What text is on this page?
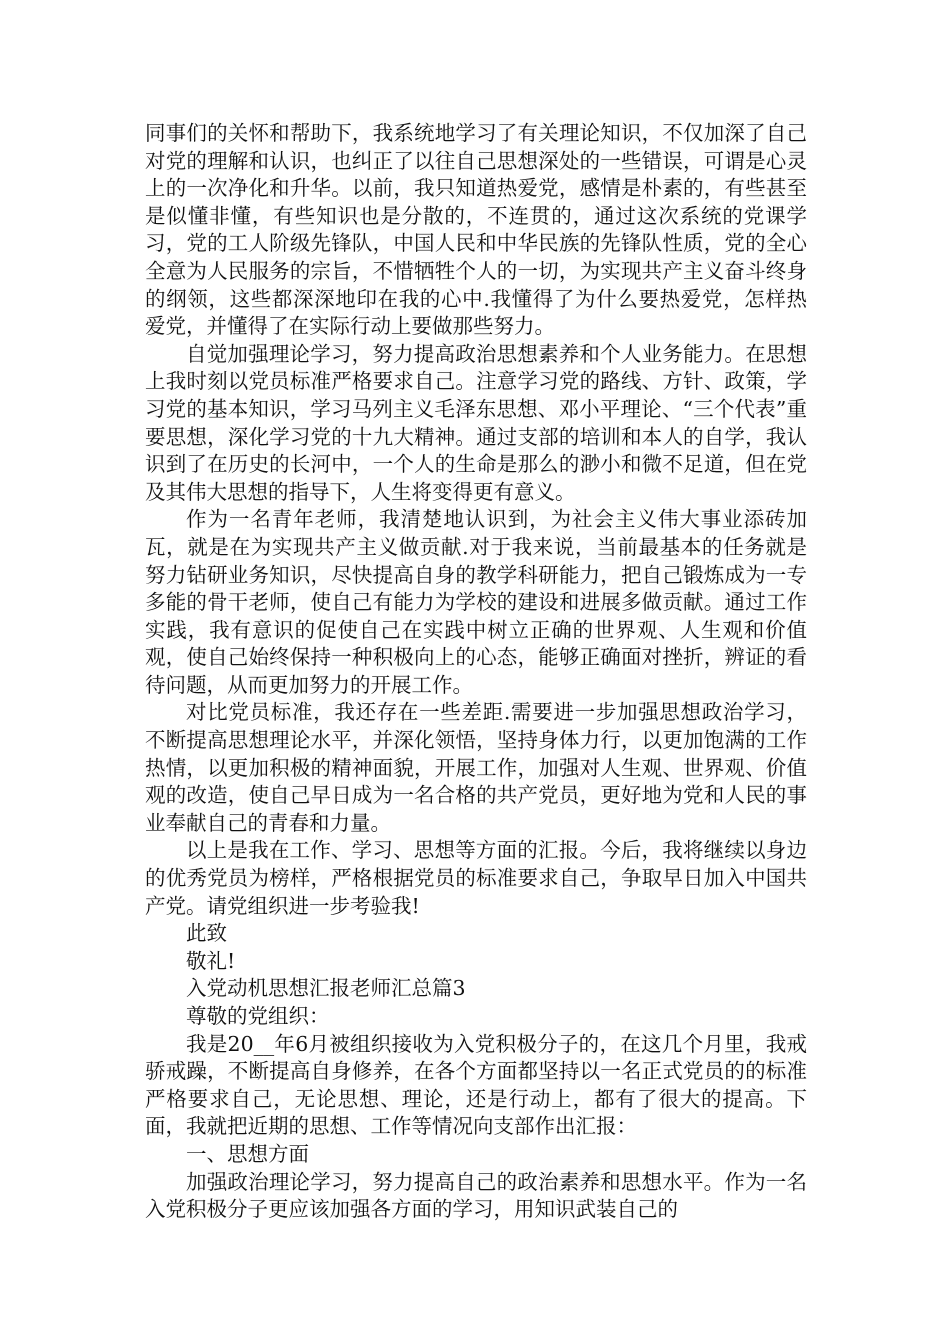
同事们的关怀和帮助下，我系统地学习了有关理论知识，不仅加深了自己对党的理解和认识，也纠正了以往自己思想深处的一些错误，可谓是心灵上的一次净化和升华。以前，我只知道热爱党，感情是朴素的，有些甚至是似懂非懂，有些知识也是分散的，不连贯的，通过这次系统的党课学习，党的工人阶级先锋队，中国人民和中华民族的先锋队性质，党的全心全意为人民服务的宗旨，不惜牺牲个人的一切，为实现共产主义奋斗终身的纲领，这些都深深地印在我的心中.我懂得了为什么要热爱党，怎样热爱党，并懂得了在实际行动上要做那些努力。

自觉加强理论学习，努力提高政治思想素养和个人业务能力。在思想上我时刻以党员标准严格要求自己。注意学习党的路线、方针、政策，学习党的基本知识，学习马列主义毛泽东思想、邓小平理论、“三个代表”重要思想，深化学习党的十九大精神。通过支部的培训和本人的自学，我认识到了在历史的长河中，一个人的生命是那么的渺小和微不足道，但在党及其伟大思想的指导下，人生将变得更有意义。

作为一名青年老师，我清楚地认识到，为社会主义伟大事业添砖加瓦，就是在为实现共产主义做贡献.对于我来说，当前最基本的任务就是努力钻研业务知识，尽快提高自身的教学科研能力，把自己锻炼成为一专多能的骨干老师，使自己有能力为学校的建设和进展多做贡献。通过工作实践，我有意识的促使自己在实践中树立正确的世界观、人生观和价值观，使自己始终保持一种积极向上的心态，能够正确面对挫折，辨证的看待问题，从而更加努力的开展工作。

对比党员标准，我还存在一些差距.需要进一步加强思想政治学习，不断提高思想理论水平，并深化领悟，坚持身体力行，以更加饱满的工作热情，以更加积极的精神面貌，开展工作，加强对人生观、世界观、价值观的改造，使自己早日成为一名合格的共产党员，更好地为党和人民的事业奉献自己的青春和力量。

以上是我在工作、学习、思想等方面的汇报。今后，我将继续以身边的优秀党员为榜样，严格根据党员的标准要求自己，争取早日加入中国共产党。请党组织进一步考验我!

此致

敬礼!

入党动机思想汇报老师汇总篇3

尊敬的党组织：

我是20__年6月被组织接收为入党积极分子的，在这几个月里，我戒骄戒躁，不断提高自身修养，在各个方面都坚持以一名正式党员的的标准严格要求自己，无论思想、理论，还是行动上，都有了很大的提高。下面，我就把近期的思想、工作等情况向支部作出汇报：

一、思想方面

加强政治理论学习，努力提高自己的政治素养和思想水平。作为一名入党积极分子更应该加强各方面的学习，用知识武装自己的
